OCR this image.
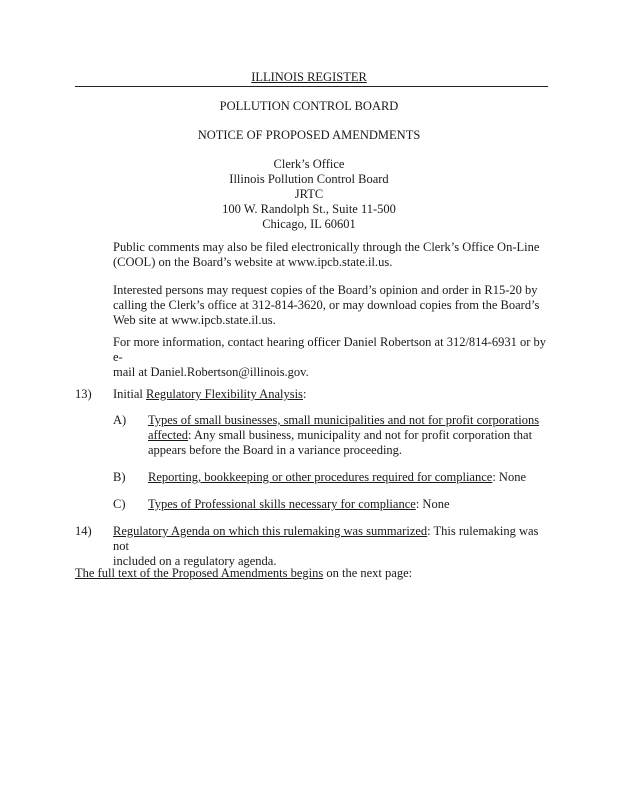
ILLINOIS REGISTER
POLLUTION CONTROL BOARD
NOTICE OF PROPOSED AMENDMENTS
Clerk’s Office
Illinois Pollution Control Board
JRTC
100 W. Randolph St., Suite 11-500
Chicago, IL 60601

Public comments may also be filed electronically through the Clerk’s Office On-Line

(COOL) on the Board’s website at www.ipcb.state.il.us.

Interested persons may request copies of the Board’s opinion and order in R15-20 by

calling the Clerk’s office at 312-814-3620, or may download copies from the Board’s

Web site at www.ipcb.state.il.us.

For more information, contact hearing officer Daniel Robertson at 312/814-6931 or by e-

mail at Daniel.Robertson@illinois.gov.

13) Initial Regulatory Flexibility Analysis:
A) Types of small businesses, small municipalities and not for profit corporations
affected: Any small business, municipality and not for profit corporation that
appears before the Board in a variance proceeding.
B) Reporting, bookkeeping or other procedures required for compliance: None
C) Types of Professional skills necessary for compliance: None
14) Regulatory Agenda on which this rulemaking was summarized: This rulemaking was not
included on a regulatory agenda.
The full text of the Proposed Amendments begins on the next page:
